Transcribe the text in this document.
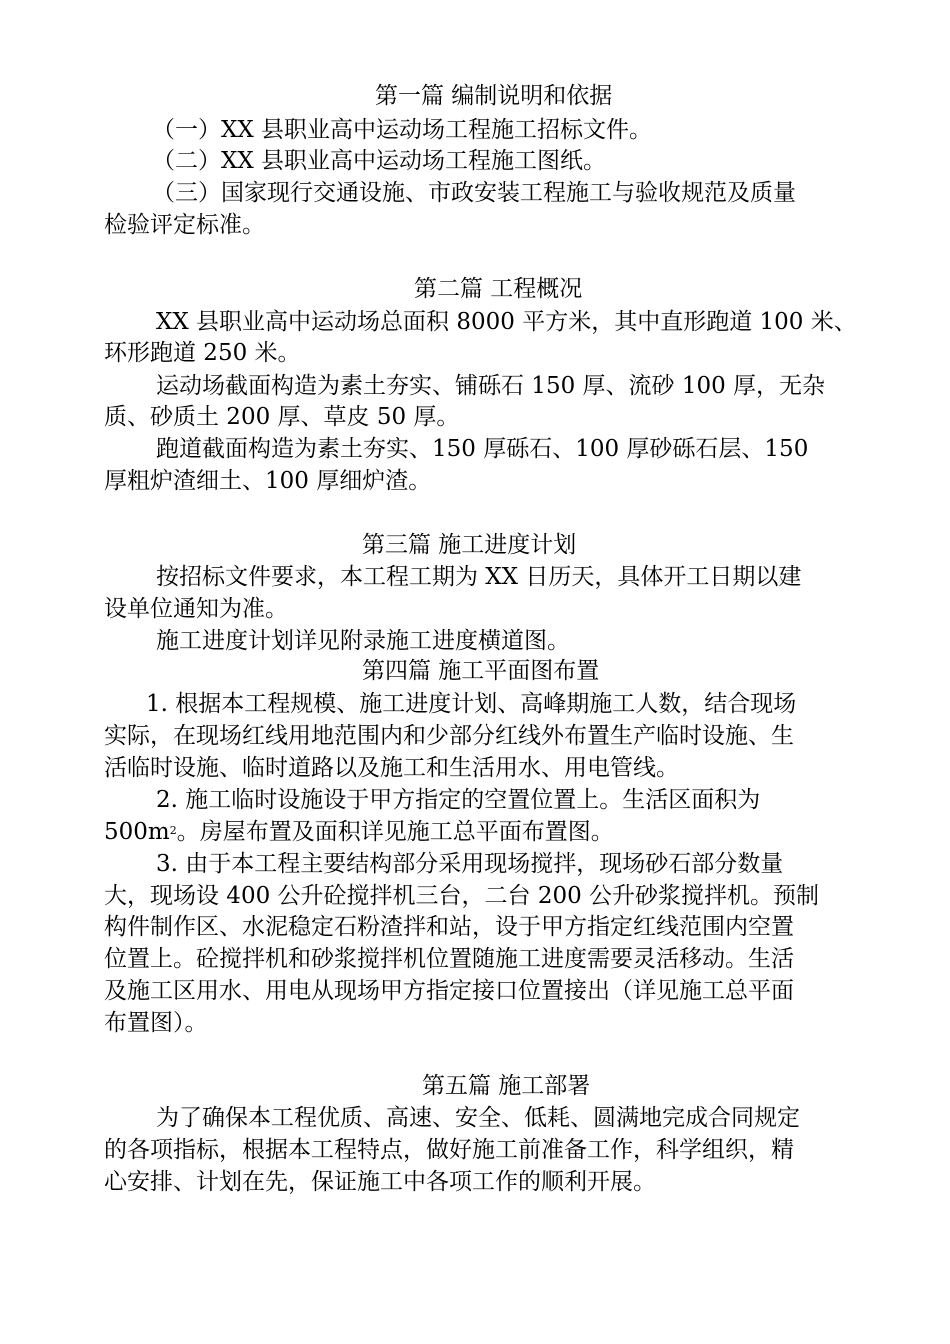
第一篇 编制说明和依据
（一）XX 县职业高中运动场工程施工招标文件。
（二）XX 县职业高中运动场工程施工图纸。
（三）国家现行交通设施、市政安装工程施工与验收规范及质量
检验评定标准。
第二篇 工程概况
XX 县职业高中运动场总面积 8000 平方米，其中直形跑道 100 米、
环形跑道 250 米。
运动场截面构造为素土夯实、铺砾石 150 厚、流砂 100 厚，无杂
质、砂质土 200 厚、草皮 50 厚。
跑道截面构造为素土夯实、150 厚砾石、100 厚砂砾石层、150
厚粗炉渣细土、100 厚细炉渣。
第三篇 施工进度计划
按招标文件要求，本工程工期为 XX 日历天，具体开工日期以建
设单位通知为准。
施工进度计划详见附录施工进度横道图。
第四篇 施工平面图布置
1. 根据本工程规模、施工进度计划、高峰期施工人数，结合现场
实际，在现场红线用地范围内和少部分红线外布置生产临时设施、生
活临时设施、临时道路以及施工和生活用水、用电管线。
2. 施工临时设施设于甲方指定的空置位置上。生活区面积为
$500m^2$。房屋布置及面积详见施工总平面布置图。
3. 由于本工程主要结构部分采用现场搅拌，现场砂石部分数量
大，现场设 400 公升砼搅拌机三台，二台 200 公升砂浆搅拌机。预制
构件制作区、水泥稳定石粉渣拌和站，设于甲方指定红线范围内空置
位置上。砼搅拌机和砂浆搅拌机位置随施工进度需要灵活移动。生活
及施工区用水、用电从现场甲方指定接口位置接出（详见施工总平面
布置图）。
第五篇 施工部署
为了确保本工程优质、高速、安全、低耗、圆满地完成合同规定
的各项指标，根据本工程特点，做好施工前准备工作，科学组织，精
心安排、计划在先，保证施工中各项工作的顺利开展。
